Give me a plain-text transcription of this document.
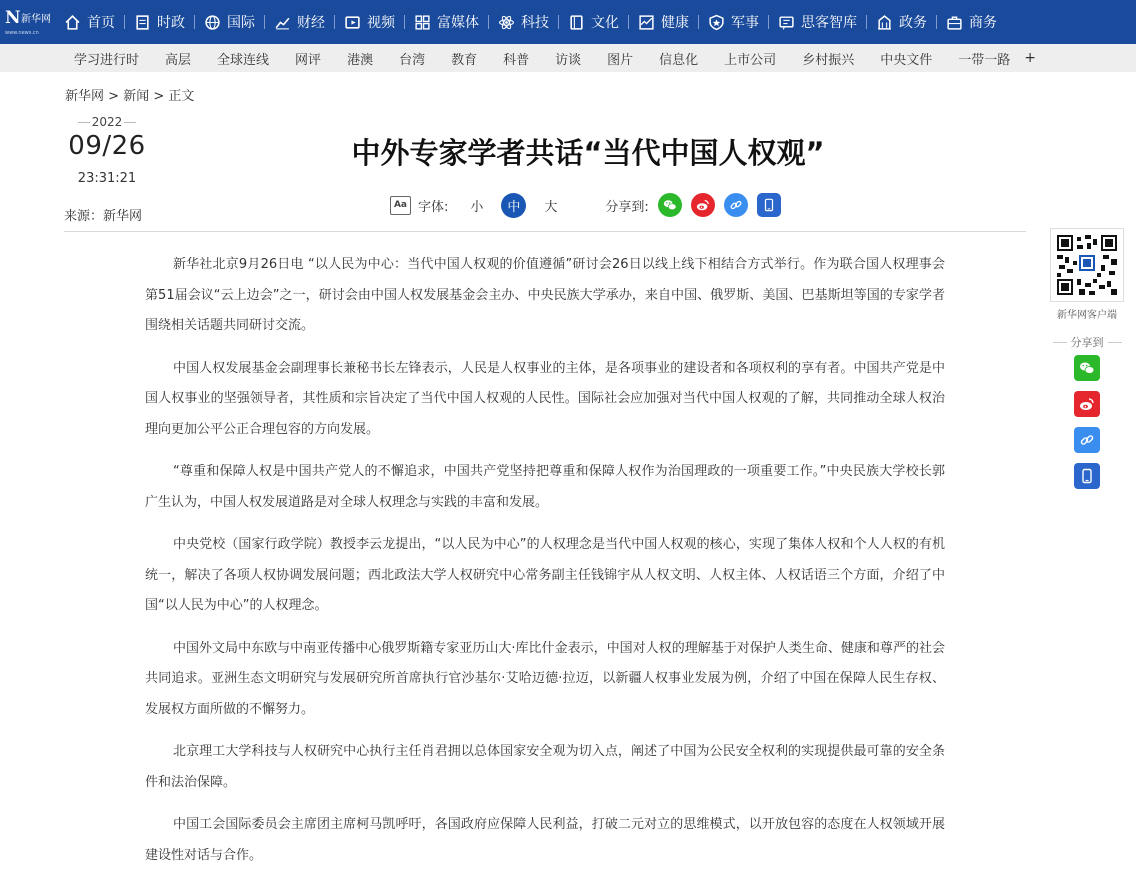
N 新华网
www.news.cn
首页	时政	国际	财经	视频	富媒体	科技	文化	健康	军事	思客智库	政务	商务
学习进行时 高层 全球连线 网评 港澳 台湾 教育 科普 访谈 图片 信息化 上市公司 乡村振兴 中央文件 一带一路 +
新华网 > 新闻 > 正文
2022
09/26
23:31:21
来源：新华网
中外专家学者共话“当代中国人权观”
Aa 字体: 小	中	大	分享到:

新华社北京9月26日电 “以人民为中心：当代中国人权观的价值遵循”研讨会26日以线上线下相结合方式举行。作为联合国人权理事会第51届会议“云上边会”之一，研讨会由中国人权发展基金会主办、中央民族大学承办，来自中国、俄罗斯、美国、巴基斯坦等国的专家学者围绕相关话题共同研讨交流。

中国人权发展基金会副理事长兼秘书长左锋表示，人民是人权事业的主体，是各项事业的建设者和各项权利的享有者。中国共产党是中国人权事业的坚强领导者，其性质和宗旨决定了当代中国人权观的人民性。国际社会应加强对当代中国人权观的了解，共同推动全球人权治理向更加公平公正合理包容的方向发展。

“尊重和保障人权是中国共产党人的不懈追求，中国共产党坚持把尊重和保障人权作为治国理政的一项重要工作。”中央民族大学校长郭广生认为，中国人权发展道路是对全球人权理念与实践的丰富和发展。

中央党校（国家行政学院）教授李云龙提出，“以人民为中心”的人权理念是当代中国人权观的核心，实现了集体人权和个人人权的有机统一，解决了各项人权协调发展问题；西北政法大学人权研究中心常务副主任钱锦宇从人权文明、人权主体、人权话语三个方面，介绍了中国“以人民为中心”的人权理念。

中国外文局中东欧与中南亚传播中心俄罗斯籍专家亚历山大·库比什金表示，中国对人权的理解基于对保护人类生命、健康和尊严的社会共同追求。亚洲生态文明研究与发展研究所首席执行官沙基尔·艾哈迈德·拉迈，以新疆人权事业发展为例，介绍了中国在保障人民生存权、发展权方面所做的不懈努力。

北京理工大学科技与人权研究中心执行主任肖君拥以总体国家安全观为切入点，阐述了中国为公民安全权利的实现提供最可靠的安全条件和法治保障。

中国工会国际委员会主席团主席柯马凯呼吁，各国政府应保障人民利益，打破二元对立的思维模式，以开放包容的态度在人权领域开展建设性对话与合作。

新华网客户端
分享到
